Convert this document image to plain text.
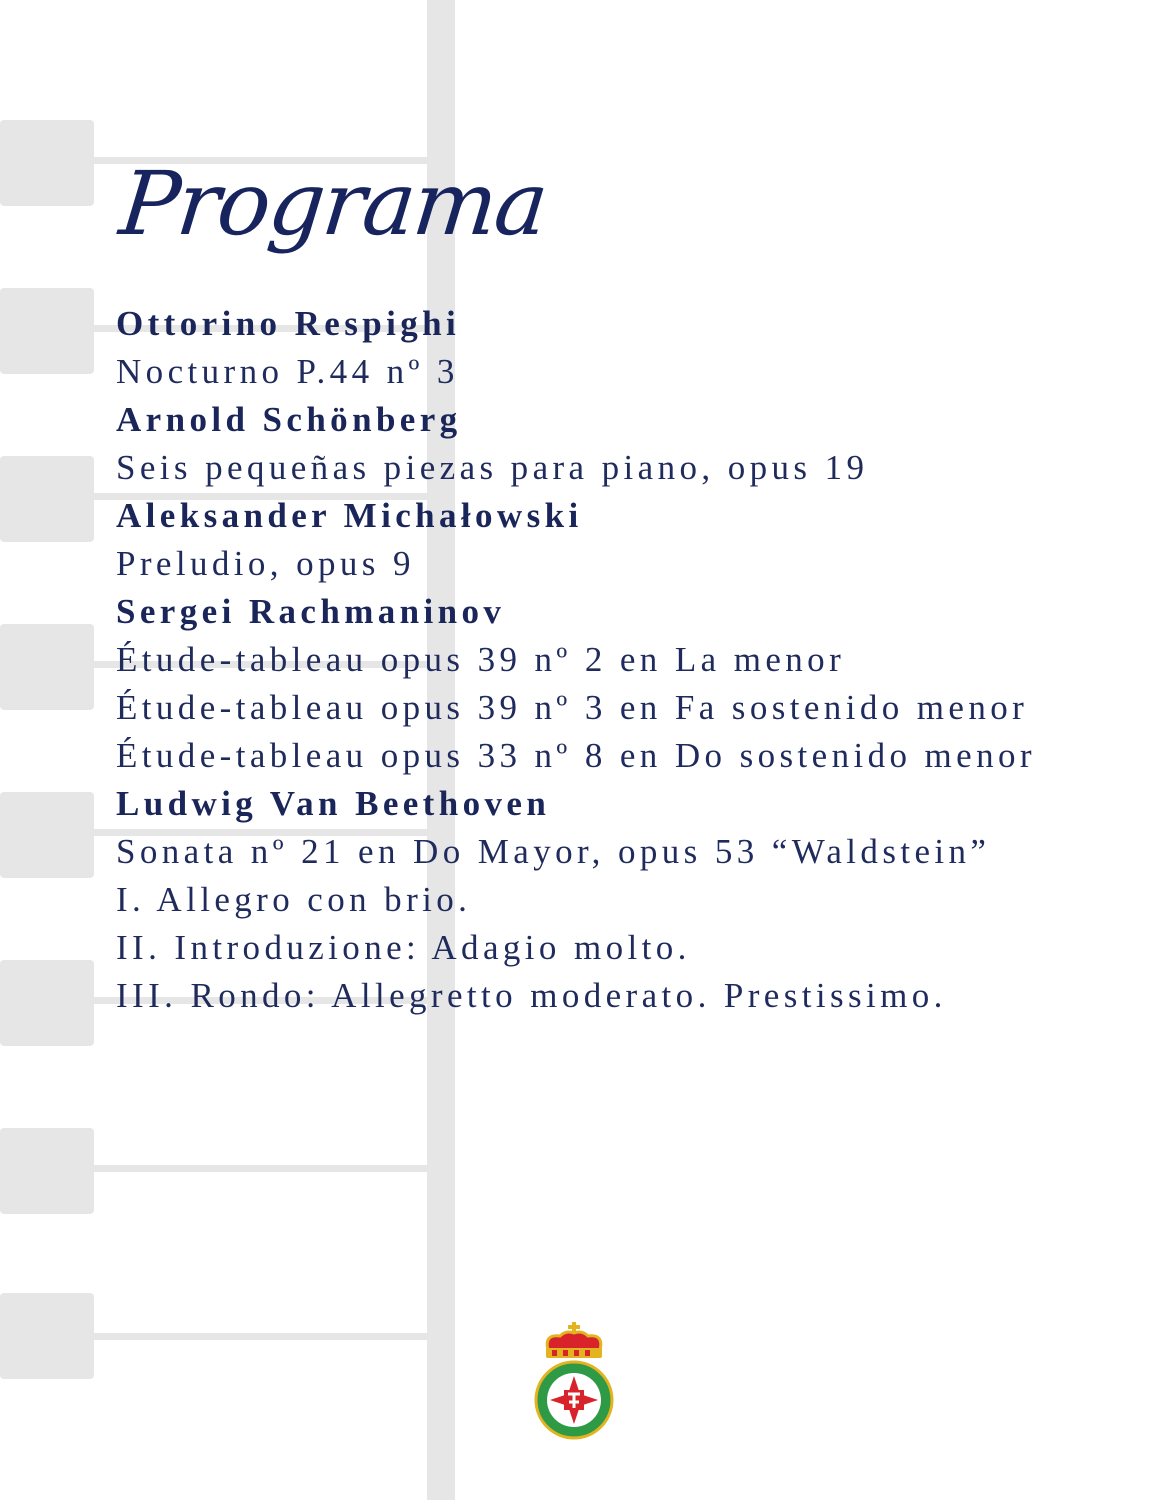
Programa
Ottorino Respighi
Nocturno P.44 nº 3
Arnold Schönberg
Seis pequeñas piezas para piano, opus 19
Aleksander Michałowski
Preludio, opus 9
Sergei Rachmaninov
Étude-tableau opus 39 nº 2 en La menor
Étude-tableau opus 39 nº 3 en Fa sostenido menor
Étude-tableau opus 33 nº 8 en Do sostenido menor
Ludwig Van Beethoven
Sonata nº 21 en Do Mayor, opus 53 “Waldstein”
I. Allegro con brio.
II. Introduzione: Adagio molto.
III. Rondo: Allegretto moderato. Prestissimo.
